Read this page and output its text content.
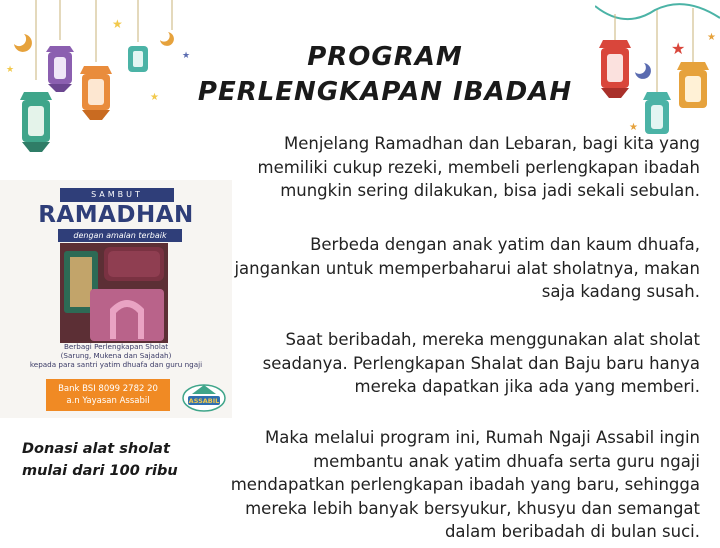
★
★
★
★	★
★
★
PROGRAM
PERLENGKAPAN IBADAH
Menjelang Ramadhan dan Lebaran, bagi kita yang memiliki cukup rezeki, membeli perlengkapan ibadah mungkin sering dilakukan, bisa jadi sekali sebulan.
Berbeda dengan anak yatim dan kaum dhuafa, jangankan untuk memperbaharui alat sholatnya, makan saja kadang susah.
Saat beribadah, mereka menggunakan alat sholat seadanya. Perlengkapan Shalat dan Baju baru hanya mereka dapatkan jika ada yang memberi.
Maka melalui program ini, Rumah Ngaji Assabil ingin membantu anak yatim dhuafa serta guru ngaji mendapatkan perlengkapan ibadah yang baru, sehingga mereka lebih banyak bersyukur, khusyu dan semangat dalam beribadah di bulan suci.
SAMBUT
RAMADHAN
dengan amalan terbaik
Berbagi Perlengkapan Sholat
(Sarung, Mukena dan Sajadah)
kepada para santri yatim dhuafa dan guru ngaji
Bank BSI 8099 2782 20
a.n Yayasan Assabil	ASSABIL
Donasi alat sholat
mulai dari 100 ribu
